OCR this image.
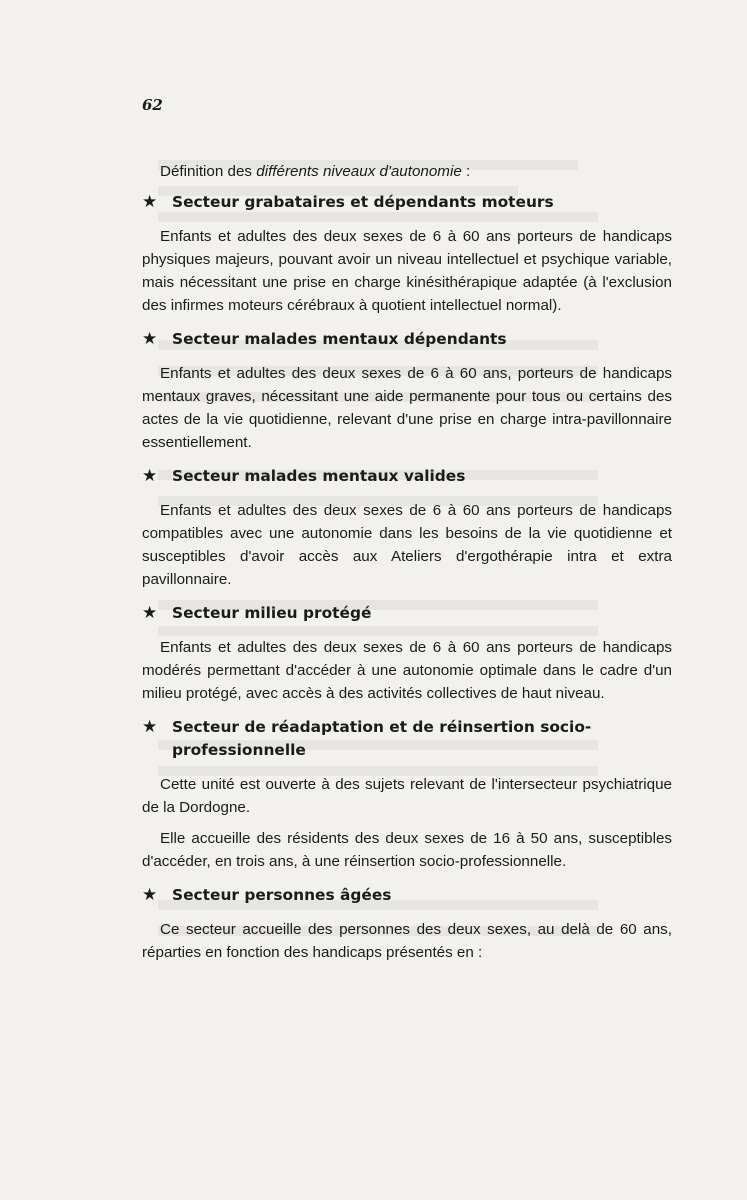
62

Définition des différents niveaux d'autonomie :

★ Secteur grabataires et dépendants moteurs

Enfants et adultes des deux sexes de 6 à 60 ans porteurs de handicaps physiques majeurs, pouvant avoir un niveau intellectuel et psychique variable, mais nécessitant une prise en charge kinésithérapique adaptée (à l'exclusion des infirmes moteurs cérébraux à quotient intellectuel normal).

★ Secteur malades mentaux dépendants

Enfants et adultes des deux sexes de 6 à 60 ans, porteurs de handicaps mentaux graves, nécessitant une aide permanente pour tous ou certains des actes de la vie quotidienne, relevant d'une prise en charge intra-pavillonnaire essentiellement.

★ Secteur malades mentaux valides

Enfants et adultes des deux sexes de 6 à 60 ans porteurs de handicaps compatibles avec une autonomie dans les besoins de la vie quotidienne et susceptibles d'avoir accès aux Ateliers d'ergothérapie intra et extra pavillonnaire.

★ Secteur milieu protégé

Enfants et adultes des deux sexes de 6 à 60 ans porteurs de handicaps modérés permettant d'accéder à une autonomie optimale dans le cadre d'un milieu protégé, avec accès à des activités collectives de haut niveau.

★ Secteur de réadaptation et de réinsertion socio-professionnelle

Cette unité est ouverte à des sujets relevant de l'intersecteur psychiatrique de la Dordogne.

Elle accueille des résidents des deux sexes de 16 à 50 ans, susceptibles d'accéder, en trois ans, à une réinsertion socio-professionnelle.

★ Secteur personnes âgées

Ce secteur accueille des personnes des deux sexes, au delà de 60 ans, réparties en fonction des handicaps présentés en :
